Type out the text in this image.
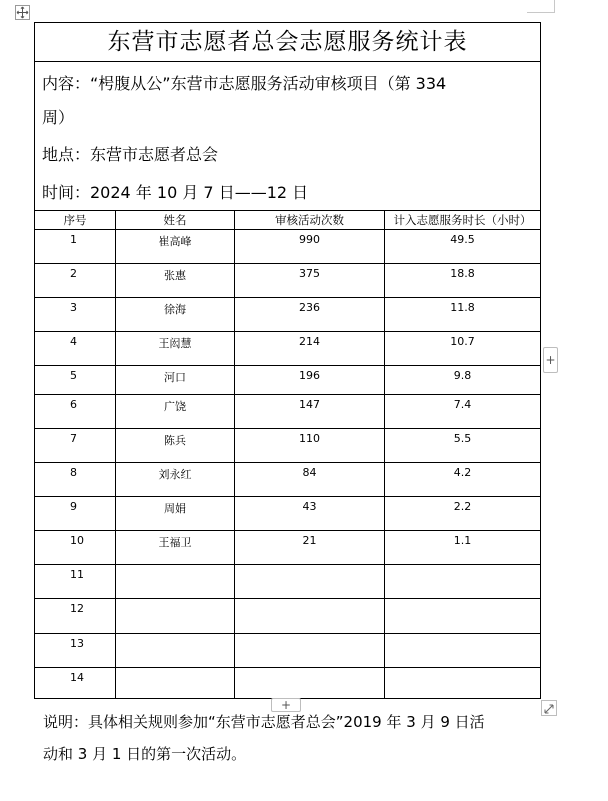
东营市志愿者总会志愿服务统计表
内容：“枵腹从公”东营市志愿服务活动审核项目（第 334
周）
地点：东营市志愿者总会
时间：2024 年 10 月 7 日——12 日
序号	姓名	审核活动次数	计入志愿服务时长（小时）
1	崔高峰	990	49.5
2	张惠	375	18.8
3	徐海	236	11.8
4	王闳慧	214	10.7
5	河口	196	9.8
6	广饶	147	7.4
7	陈兵	110	5.5
8	刘永红	84	4.2
9	周娟	43	2.2
10	王福卫	21	1.1
11
12
13
14
+
+
说明：具体相关规则参加“东营市志愿者总会”2019 年 3 月 9 日活
动和 3 月 1 日的第一次活动。
